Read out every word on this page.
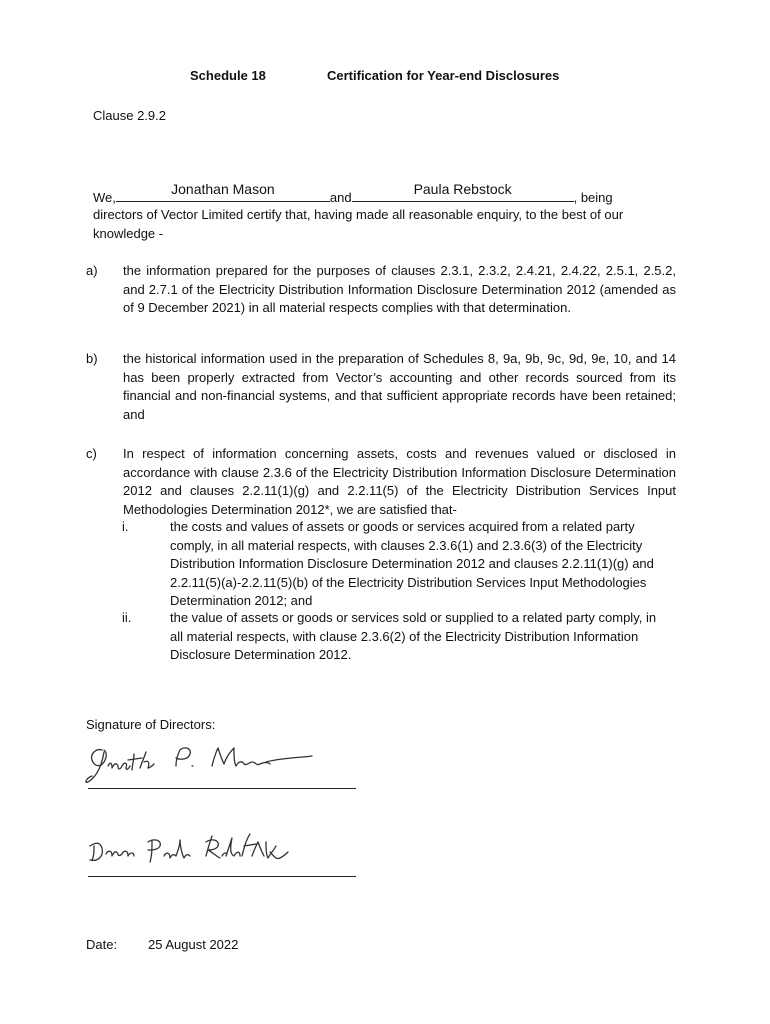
Schedule 18	Certification for Year-end Disclosures
Clause 2.9.2
We,
Jonathan Mason
and
Paula Rebstock
, being
directors of Vector Limited certify that, having made all reasonable enquiry, to the best of our knowledge -
a) the information prepared for the purposes of clauses 2.3.1, 2.3.2, 2.4.21, 2.4.22, 2.5.1, 2.5.2, and 2.7.1 of the Electricity Distribution Information Disclosure Determination 2012 (amended as of 9 December 2021) in all material respects complies with that determination.
b) the historical information used in the preparation of Schedules 8, 9a, 9b, 9c, 9d, 9e, 10, and 14 has been properly extracted from Vector’s accounting and other records sourced from its financial and non-financial systems, and that sufficient appropriate records have been retained; and
c) In respect of information concerning assets, costs and revenues valued or disclosed in accordance with clause 2.3.6 of the Electricity Distribution Information Disclosure Determination 2012 and clauses 2.2.11(1)(g) and 2.2.11(5) of the Electricity Distribution Services Input Methodologies Determination 2012*, we are satisfied that-
i.	the costs and values of assets or goods or services acquired from a related party comply, in all material respects, with clauses 2.3.6(1) and 2.3.6(3) of the Electricity Distribution Information Disclosure Determination 2012 and clauses 2.2.11(1)(g) and 2.2.11(5)(a)-2.2.11(5)(b) of the Electricity Distribution Services Input Methodologies Determination 2012; and
ii.	the value of assets or goods or services sold or supplied to a related party comply, in all material respects, with clause 2.3.6(2) of the Electricity Distribution Information Disclosure Determination 2012.
Signature of Directors:
Date: 25 August 2022
